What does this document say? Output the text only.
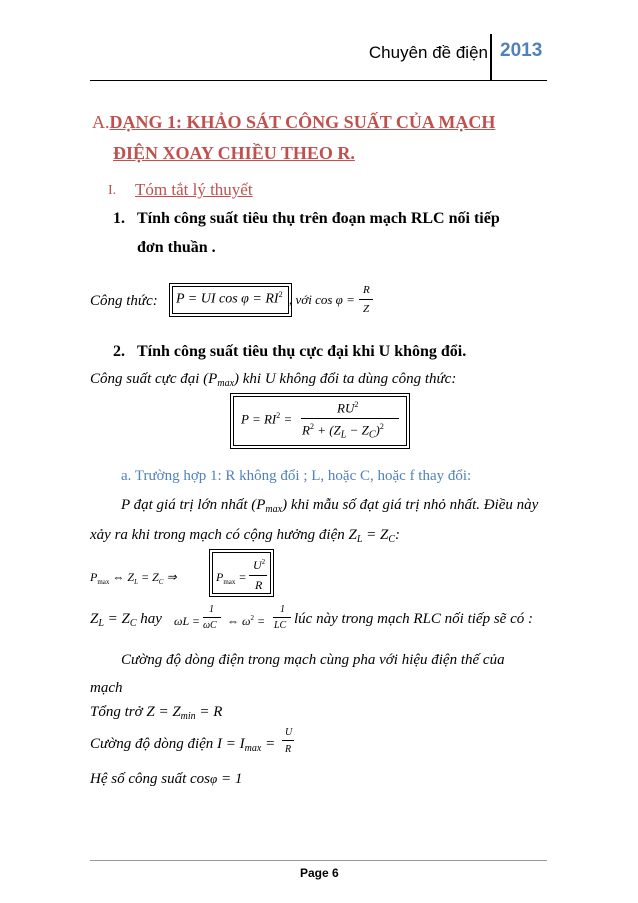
Chuyên đề điện 2013
A.DẠNG 1: KHẢO SÁT CÔNG SUẤT CỦA MẠCH
ĐIỆN XOAY CHIỀU THEO R.
I. Tóm tắt lý thuyết
1. Tính công suất tiêu thụ trên đoạn mạch RLC nối tiếp
đơn thuần .
Công thức: P = UI $\cos \varphi = RI^2$ , với cos φ =
R
Z
2. Tính công suất tiêu thụ cực đại khi U không đổi.
Công suất cực đại $(P_{max})$ khi U không đổi ta dùng công thức:
$P = RI^2$ =
$RU^2$
$R^2 + (Z_L - Z_C)^2$
a. Trường hợp 1: R không đổi ; L, hoặc C, hoặc f thay đổi:
P đạt giá trị lớn nhất $(P_{max})$ khi mẫu số đạt giá trị nhỏ nhất. Điều này
xảy ra khi trong mạch có cộng hưởng điện $Z_L = Z_C$:
$P_{max}$ ⇔ $Z_L = Z_C$ ⇒	$P_{max}$ =
$U^2$
R
$Z_L = Z_C$ hay ωL =
1
ωC ⇔ $\omega^2$ =
1
LC lúc này trong mạch RLC nối tiếp sẽ có :
Cường độ dòng điện trong mạch cùng pha với hiệu điện thế của
mạch
Tổng trở $Z = Z_{min} = R$
Cường độ dòng điện $I = I_{max}$ =
U
R
Hệ số công suất cosφ = 1
Page 6
